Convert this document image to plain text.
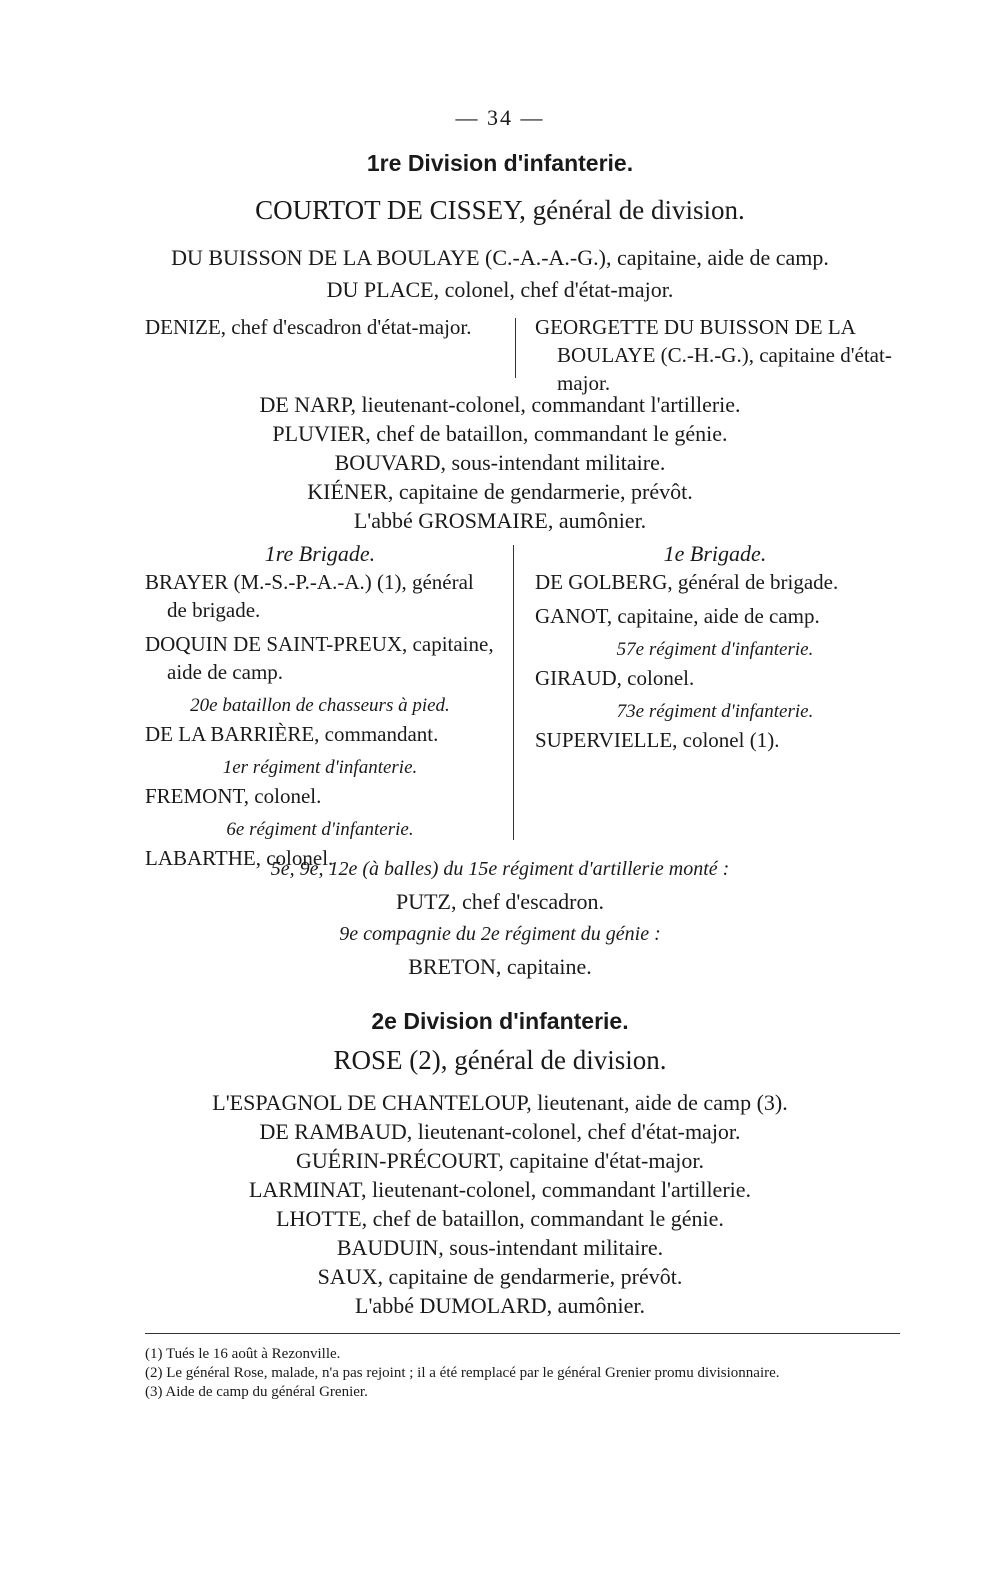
— 34 —
1re Division d'infanterie.
COURTOT DE CISSEY, général de division.
DU BUISSON DE LA BOULAYE (C.-A.-A.-G.), capitaine, aide de camp.
DU PLACE, colonel, chef d'état-major.

DENIZE, chef d'escadron d'état-major.	GEORGETTE DU BUISSON DE LA BOULAYE (C.-H.-G.), capitaine d'état-major.

DE NARP, lieutenant-colonel, commandant l'artillerie.
PLUVIER, chef de bataillon, commandant le génie.
BOUVARD, sous-intendant militaire.
KIÉNER, capitaine de gendarmerie, prévôt.
L'abbé GROSMAIRE, aumônier.

1re Brigade.

BRAYER (M.-S.-P.-A.-A.) (1), général de brigade.

DOQUIN DE SAINT-PREUX, capitaine, aide de camp.

20e bataillon de chasseurs à pied.

DE LA BARRIÈRE, commandant.

1er régiment d'infanterie.

FREMONT, colonel.

6e régiment d'infanterie.

LABARTHE, colonel.

1e Brigade.

DE GOLBERG, général de brigade.

GANOT, capitaine, aide de camp.

57e régiment d'infanterie.

GIRAUD, colonel.

73e régiment d'infanterie.

SUPERVIELLE, colonel (1).

5e, 9e, 12e (à balles) du 15e régiment d'artillerie monté :
PUTZ, chef d'escadron.
9e compagnie du 2e régiment du génie :
BRETON, capitaine.
2e Division d'infanterie.
ROSE (2), général de division.
L'ESPAGNOL DE CHANTELOUP, lieutenant, aide de camp (3).
DE RAMBAUD, lieutenant-colonel, chef d'état-major.
GUÉRIN-PRÉCOURT, capitaine d'état-major.
LARMINAT, lieutenant-colonel, commandant l'artillerie.
LHOTTE, chef de bataillon, commandant le génie.
BAUDUIN, sous-intendant militaire.
SAUX, capitaine de gendarmerie, prévôt.
L'abbé DUMOLARD, aumônier.

(1) Tués le 16 août à Rezonville.

(2) Le général Rose, malade, n'a pas rejoint ; il a été remplacé par le général Grenier promu divisionnaire.

(3) Aide de camp du général Grenier.
